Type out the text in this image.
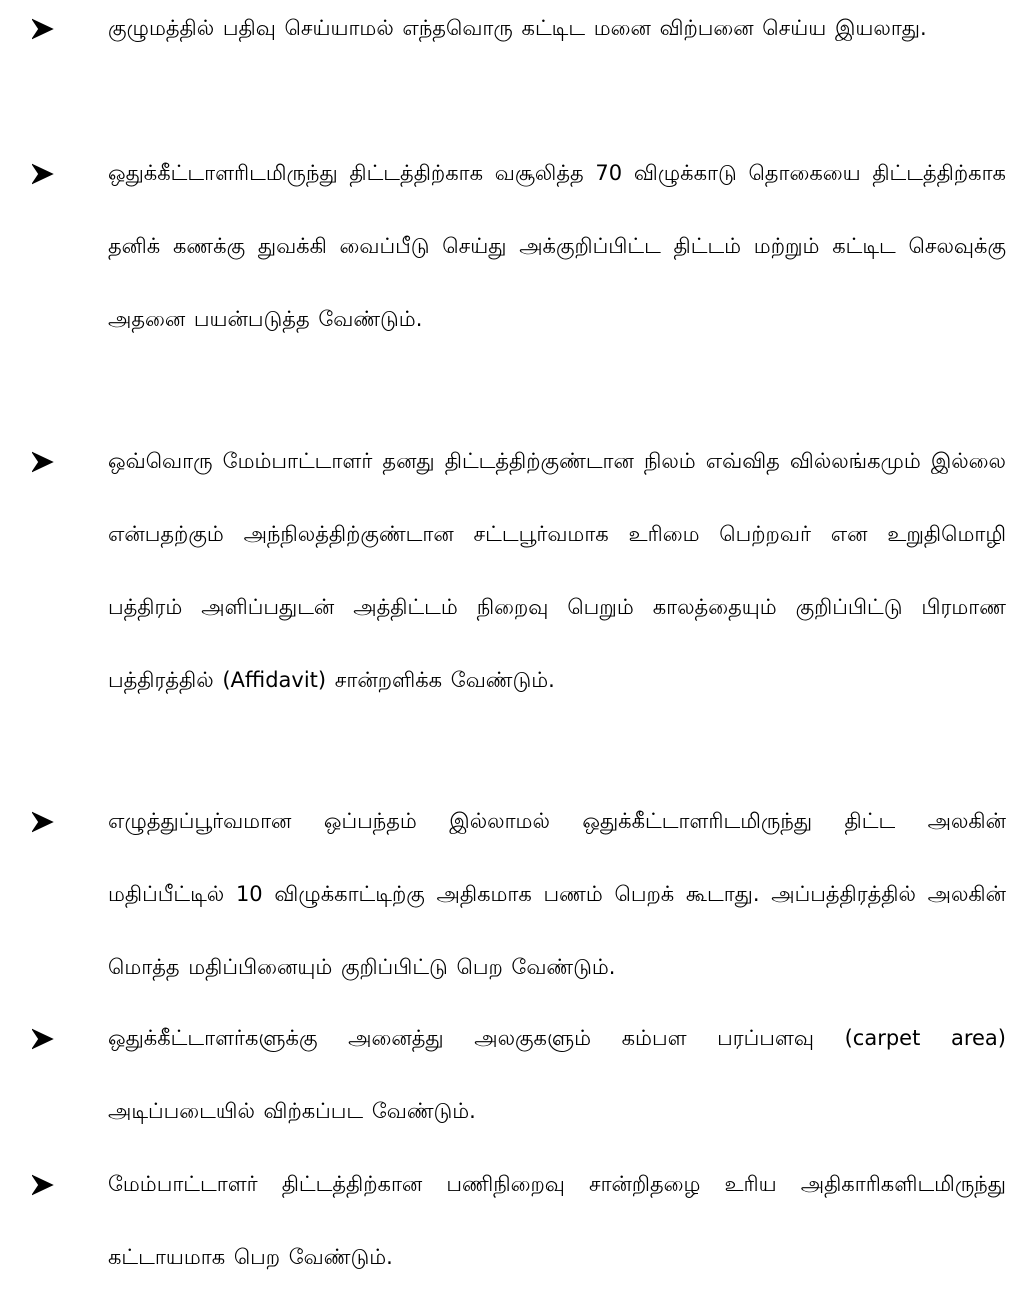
குழுமத்தில் பதிவு செய்யாமல் எந்தவொரு கட்டிட மனை விற்பனை செய்ய இயலாது.

ஒதுக்கீட்டாளரிடமிருந்து திட்டத்திற்காக வசூலித்த 70 விழுக்காடு தொகையை திட்டத்திற்காக தனிக் கணக்கு துவக்கி வைப்பீடு செய்து அக்குறிப்பிட்ட திட்டம் மற்றும் கட்டிட செலவுக்கு அதனை பயன்படுத்த வேண்டும்.

ஒவ்வொரு மேம்பாட்டாளர் தனது திட்டத்திற்குண்டான நிலம் எவ்வித வில்லங்கமும் இல்லை என்பதற்கும் அந்நிலத்திற்குண்டான சட்டபூர்வமாக உரிமை பெற்றவர் என உறுதிமொழி பத்திரம் அளிப்பதுடன் அத்திட்டம் நிறைவு பெறும் காலத்தையும் குறிப்பிட்டு பிரமாண பத்திரத்தில் (Affidavit) சான்றளிக்க வேண்டும்.

எழுத்துப்பூர்வமான ஒப்பந்தம் இல்லாமல் ஒதுக்கீட்டாளரிடமிருந்து திட்ட அலகின் மதிப்பீட்டில் 10 விழுக்காட்டிற்கு அதிகமாக பணம் பெறக் கூடாது. அப்பத்திரத்தில் அலகின் மொத்த மதிப்பினையும் குறிப்பிட்டு பெற வேண்டும்.

ஒதுக்கீட்டாளர்களுக்கு அனைத்து அலகுகளும் கம்பள பரப்பளவு (carpet area) அடிப்படையில் விற்கப்பட வேண்டும்.

மேம்பாட்டாளர் திட்டத்திற்கான பணிநிறைவு சான்றிதழை உரிய அதிகாரிகளிடமிருந்து கட்டாயமாக பெற வேண்டும்.
